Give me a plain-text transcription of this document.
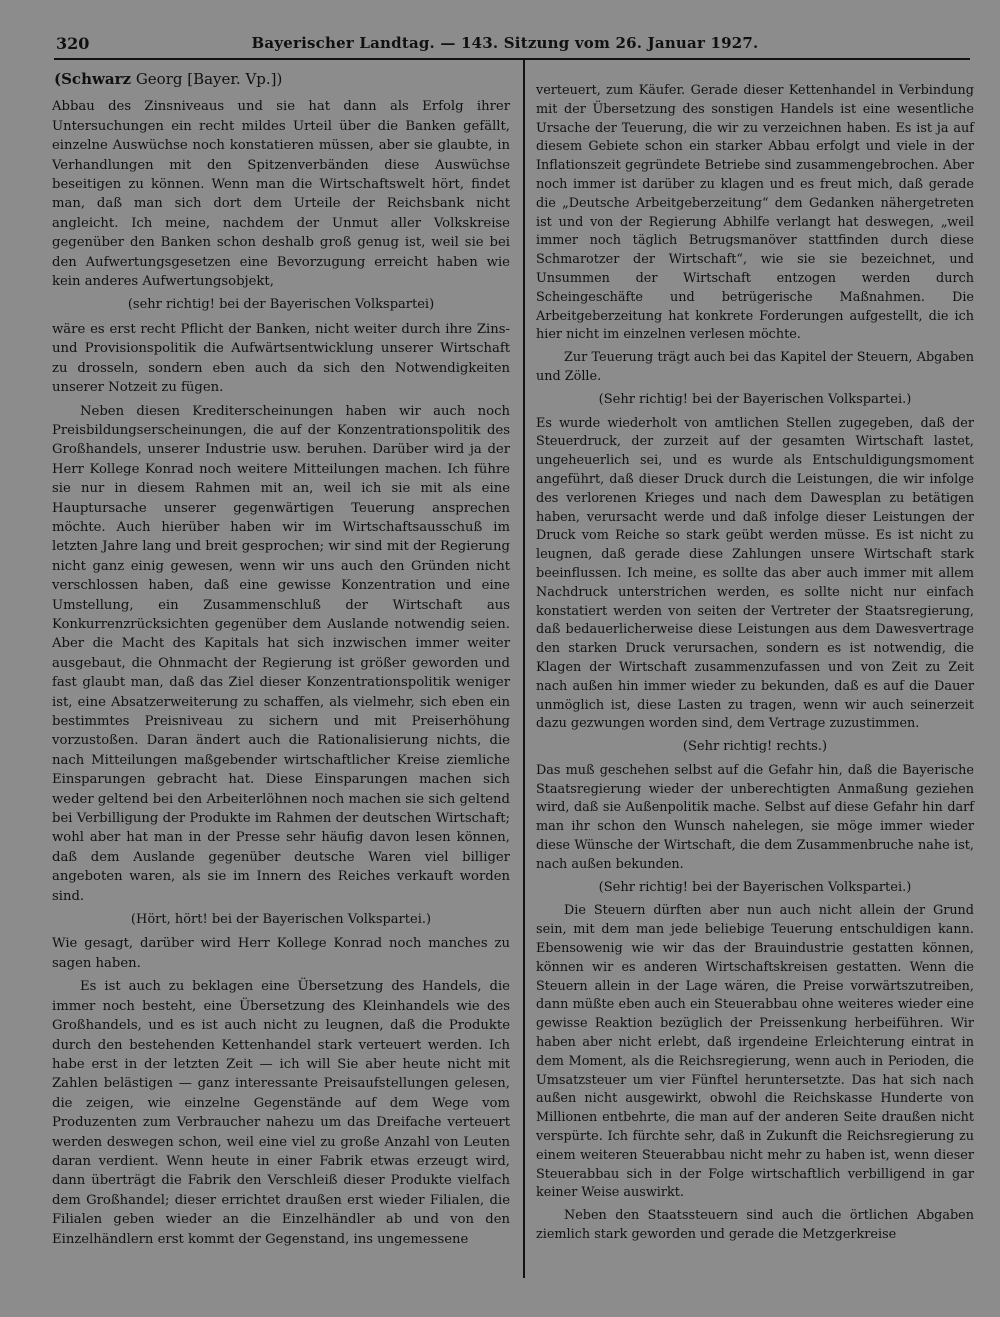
320	Bayerischer Landtag. — 143. Sitzung vom 26. Januar 1927.
(Schwarz Georg [Bayer. Vp.])

Abbau des Zinsniveaus und sie hat dann als Erfolg ihrer Untersuchungen ein recht mildes Urteil über die Banken gefällt, einzelne Auswüchse noch konstatieren müssen, aber sie glaubte, in Verhandlungen mit den Spitzenverbänden diese Auswüchse beseitigen zu können. Wenn man die Wirtschaftswelt hört, findet man, daß man sich dort dem Urteile der Reichsbank nicht angleicht. Ich meine, nachdem der Unmut aller Volkskreise gegenüber den Banken schon deshalb groß genug ist, weil sie bei den Aufwertungsgesetzen eine Bevorzugung erreicht haben wie kein anderes Aufwertungsobjekt,

(sehr richtig! bei der Bayerischen Volkspartei)

wäre es erst recht Pflicht der Banken, nicht weiter durch ihre Zins- und Provisionspolitik die Aufwärtsentwicklung unserer Wirtschaft zu drosseln, sondern eben auch da sich den Notwendigkeiten unserer Notzeit zu fügen.

Neben diesen Krediterscheinungen haben wir auch noch Preisbildungserscheinungen, die auf der Konzentrationspolitik des Großhandels, unserer Industrie usw. beruhen. Darüber wird ja der Herr Kollege Konrad noch weitere Mitteilungen machen. Ich führe sie nur in diesem Rahmen mit an, weil ich sie mit als eine Hauptursache unserer gegenwärtigen Teuerung ansprechen möchte. Auch hierüber haben wir im Wirtschaftsausschuß im letzten Jahre lang und breit gesprochen; wir sind mit der Regierung nicht ganz einig gewesen, wenn wir uns auch den Gründen nicht verschlossen haben, daß eine gewisse Konzentration und eine Umstellung, ein Zusammenschluß der Wirtschaft aus Konkurrenzrücksichten gegenüber dem Auslande notwendig seien. Aber die Macht des Kapitals hat sich inzwischen immer weiter ausgebaut, die Ohnmacht der Regierung ist größer geworden und fast glaubt man, daß das Ziel dieser Konzentrationspolitik weniger ist, eine Absatzerweiterung zu schaffen, als vielmehr, sich eben ein bestimmtes Preisniveau zu sichern und mit Preiserhöhung vorzustoßen. Daran ändert auch die Rationalisierung nichts, die nach Mitteilungen maßgebender wirtschaftlicher Kreise ziemliche Einsparungen gebracht hat. Diese Einsparungen machen sich weder geltend bei den Arbeiterlöhnen noch machen sie sich geltend bei Verbilligung der Produkte im Rahmen der deutschen Wirtschaft; wohl aber hat man in der Presse sehr häufig davon lesen können, daß dem Auslande gegenüber deutsche Waren viel billiger angeboten waren, als sie im Innern des Reiches verkauft worden sind.

(Hört, hört! bei der Bayerischen Volkspartei.)

Wie gesagt, darüber wird Herr Kollege Konrad noch manches zu sagen haben.

Es ist auch zu beklagen eine Übersetzung des Handels, die immer noch besteht, eine Übersetzung des Kleinhandels wie des Großhandels, und es ist auch nicht zu leugnen, daß die Produkte durch den bestehenden Kettenhandel stark verteuert werden. Ich habe erst in der letzten Zeit — ich will Sie aber heute nicht mit Zahlen belästigen — ganz interessante Preisaufstellungen gelesen, die zeigen, wie einzelne Gegenstände auf dem Wege vom Produzenten zum Verbraucher nahezu um das Dreifache verteuert werden deswegen schon, weil eine viel zu große Anzahl von Leuten daran verdient. Wenn heute in einer Fabrik etwas erzeugt wird, dann überträgt die Fabrik den Verschleiß dieser Produkte vielfach dem Großhandel; dieser errichtet draußen erst wieder Filialen, die Filialen geben wieder an die Einzelhändler ab und von den Einzelhändlern erst kommt der Gegenstand, ins ungemessene

verteuert, zum Käufer. Gerade dieser Kettenhandel in Verbindung mit der Übersetzung des sonstigen Handels ist eine wesentliche Ursache der Teuerung, die wir zu verzeichnen haben. Es ist ja auf diesem Gebiete schon ein starker Abbau erfolgt und viele in der Inflationszeit gegründete Betriebe sind zusammengebrochen. Aber noch immer ist darüber zu klagen und es freut mich, daß gerade die „Deutsche Arbeitgeberzeitung“ dem Gedanken nähergetreten ist und von der Regierung Abhilfe verlangt hat deswegen, „weil immer noch täglich Betrugsmanöver stattfinden durch diese Schmarotzer der Wirtschaft“, wie sie sie bezeichnet, und Unsummen der Wirtschaft entzogen werden durch Scheingeschäfte und betrügerische Maßnahmen. Die Arbeitgeberzeitung hat konkrete Forderungen aufgestellt, die ich hier nicht im einzelnen verlesen möchte.

Zur Teuerung trägt auch bei das Kapitel der Steuern, Abgaben und Zölle.

(Sehr richtig! bei der Bayerischen Volkspartei.)

Es wurde wiederholt von amtlichen Stellen zugegeben, daß der Steuerdruck, der zurzeit auf der gesamten Wirtschaft lastet, ungeheuerlich sei, und es wurde als Entschuldigungsmoment angeführt, daß dieser Druck durch die Leistungen, die wir infolge des verlorenen Krieges und nach dem Dawesplan zu betätigen haben, verursacht werde und daß infolge dieser Leistungen der Druck vom Reiche so stark geübt werden müsse. Es ist nicht zu leugnen, daß gerade diese Zahlungen unsere Wirtschaft stark beeinflussen. Ich meine, es sollte das aber auch immer mit allem Nachdruck unterstrichen werden, es sollte nicht nur einfach konstatiert werden von seiten der Vertreter der Staatsregierung, daß bedauerlicherweise diese Leistungen aus dem Dawesvertrage den starken Druck verursachen, sondern es ist notwendig, die Klagen der Wirtschaft zusammenzufassen und von Zeit zu Zeit nach außen hin immer wieder zu bekunden, daß es auf die Dauer unmöglich ist, diese Lasten zu tragen, wenn wir auch seinerzeit dazu gezwungen worden sind, dem Vertrage zuzustimmen.

(Sehr richtig! rechts.)

Das muß geschehen selbst auf die Gefahr hin, daß die Bayerische Staatsregierung wieder der unberechtigten Anmaßung geziehen wird, daß sie Außenpolitik mache. Selbst auf diese Gefahr hin darf man ihr schon den Wunsch nahelegen, sie möge immer wieder diese Wünsche der Wirtschaft, die dem Zusammenbruche nahe ist, nach außen bekunden.

(Sehr richtig! bei der Bayerischen Volkspartei.)

Die Steuern dürften aber nun auch nicht allein der Grund sein, mit dem man jede beliebige Teuerung entschuldigen kann. Ebensowenig wie wir das der Brauindustrie gestatten können, können wir es anderen Wirtschaftskreisen gestatten. Wenn die Steuern allein in der Lage wären, die Preise vorwärtszutreiben, dann müßte eben auch ein Steuerabbau ohne weiteres wieder eine gewisse Reaktion bezüglich der Preissenkung herbeiführen. Wir haben aber nicht erlebt, daß irgendeine Erleichterung eintrat in dem Moment, als die Reichsregierung, wenn auch in Perioden, die Umsatzsteuer um vier Fünftel heruntersetzte. Das hat sich nach außen nicht ausgewirkt, obwohl die Reichskasse Hunderte von Millionen entbehrte, die man auf der anderen Seite draußen nicht verspürte. Ich fürchte sehr, daß in Zukunft die Reichsregierung zu einem weiteren Steuerabbau nicht mehr zu haben ist, wenn dieser Steuerabbau sich in der Folge wirtschaftlich verbilligend in gar keiner Weise auswirkt.

Neben den Staatssteuern sind auch die örtlichen Abgaben ziemlich stark geworden und gerade die Metzgerkreise
